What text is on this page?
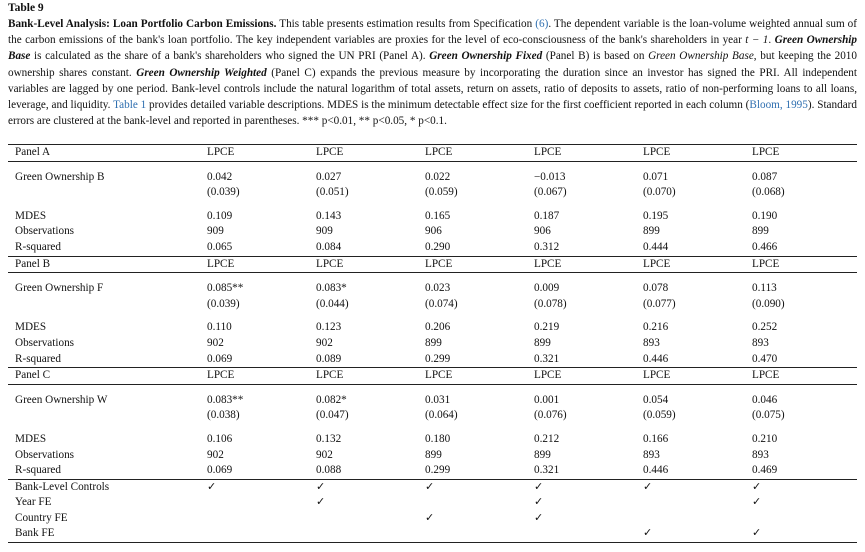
Table 9
Bank-Level Analysis: Loan Portfolio Carbon Emissions. This table presents estimation results from Specification (6). The dependent variable is the loan-volume weighted annual sum of the carbon emissions of the bank's loan portfolio. The key independent variables are proxies for the level of eco-consciousness of the bank's shareholders in year t − 1. Green Ownership Base is calculated as the share of a bank's shareholders who signed the UN PRI (Panel A). Green Ownership Fixed (Panel B) is based on Green Ownership Base, but keeping the 2010 ownership shares constant. Green Ownership Weighted (Panel C) expands the previous measure by incorporating the duration since an investor has signed the PRI. All independent variables are lagged by one period. Bank-level controls include the natural logarithm of total assets, return on assets, ratio of deposits to assets, ratio of non-performing loans to all loans, leverage, and liquidity. Table 1 provides detailed variable descriptions. MDES is the minimum detectable effect size for the first coefficient reported in each column (Bloom, 1995). Standard errors are clustered at the bank-level and reported in parentheses. *** p<0.01, ** p<0.05, * p<0.1.
Panel A	LPCE	LPCE	LPCE	LPCE	LPCE	LPCE

Green Ownership B	0.042	0.027	0.022	−0.013	0.071	0.087
	(0.039)	(0.051)	(0.059)	(0.067)	(0.070)	(0.068)

MDES	0.109	0.143	0.165	0.187	0.195	0.190
Observations	909	909	906	906	899	899
R-squared	0.065	0.084	0.290	0.312	0.444	0.466
Panel B	LPCE	LPCE	LPCE	LPCE	LPCE	LPCE

Green Ownership F	0.085**	0.083*	0.023	0.009	0.078	0.113
	(0.039)	(0.044)	(0.074)	(0.078)	(0.077)	(0.090)

MDES	0.110	0.123	0.206	0.219	0.216	0.252
Observations	902	902	899	899	893	893
R-squared	0.069	0.089	0.299	0.321	0.446	0.470
Panel C	LPCE	LPCE	LPCE	LPCE	LPCE	LPCE

Green Ownership W	0.083**	0.082*	0.031	0.001	0.054	0.046
	(0.038)	(0.047)	(0.064)	(0.076)	(0.059)	(0.075)

MDES	0.106	0.132	0.180	0.212	0.166	0.210
Observations	902	902	899	899	893	893
R-squared	0.069	0.088	0.299	0.321	0.446	0.469
Bank-Level Controls	✓	✓	✓	✓	✓	✓
Year FE		✓		✓		✓
Country FE			✓	✓		
Bank FE					✓	✓
